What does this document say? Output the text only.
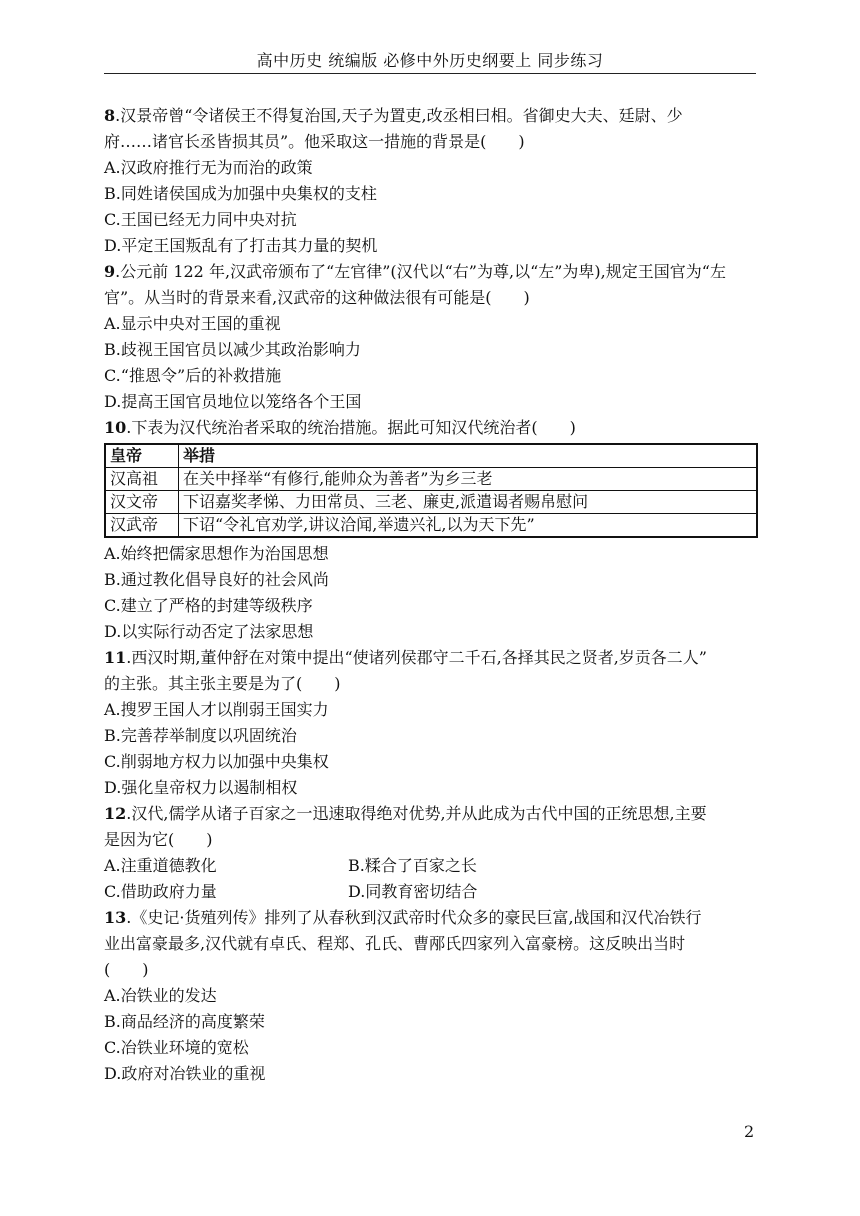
高中历史 统编版 必修中外历史纲要上 同步练习
8.汉景帝曾“令诸侯王不得复治国,天子为置吏,改丞相曰相。省御史大夫、廷尉、少
府……诸官长丞皆损其员”。他采取这一措施的背景是(　　)
A.汉政府推行无为而治的政策
B.同姓诸侯国成为加强中央集权的支柱
C.王国已经无力同中央对抗
D.平定王国叛乱有了打击其力量的契机
9.公元前 122 年,汉武帝颁布了“左官律”(汉代以“右”为尊,以“左”为卑),规定王国官为“左
官”。从当时的背景来看,汉武帝的这种做法很有可能是(　　)
A.显示中央对王国的重视
B.歧视王国官员以减少其政治影响力
C.“推恩令”后的补救措施
D.提高王国官员地位以笼络各个王国
10.下表为汉代统治者采取的统治措施。据此可知汉代统治者(　　)
皇帝	举措
汉高祖	在关中择举“有修行,能帅众为善者”为乡三老
汉文帝	下诏嘉奖孝悌、力田常员、三老、廉吏,派遣谒者赐帛慰问
汉武帝	下诏“令礼官劝学,讲议洽闻,举遗兴礼,以为天下先”
A.始终把儒家思想作为治国思想
B.通过教化倡导良好的社会风尚
C.建立了严格的封建等级秩序
D.以实际行动否定了法家思想
11.西汉时期,董仲舒在对策中提出“使诸列侯郡守二千石,各择其民之贤者,岁贡各二人”
的主张。其主张主要是为了(　　)
A.搜罗王国人才以削弱王国实力
B.完善荐举制度以巩固统治
C.削弱地方权力以加强中央集权
D.强化皇帝权力以遏制相权
12.汉代,儒学从诸子百家之一迅速取得绝对优势,并从此成为古代中国的正统思想,主要
是因为它(　　)
A.注重道德教化	B.糅合了百家之长
C.借助政府力量	D.同教育密切结合
13.《史记·货殖列传》排列了从春秋到汉武帝时代众多的豪民巨富,战国和汉代冶铁行
业出富豪最多,汉代就有卓氏、程郑、孔氏、曹邴氏四家列入富豪榜。这反映出当时
(　　)
A.冶铁业的发达
B.商品经济的高度繁荣
C.冶铁业环境的宽松
D.政府对冶铁业的重视
2
